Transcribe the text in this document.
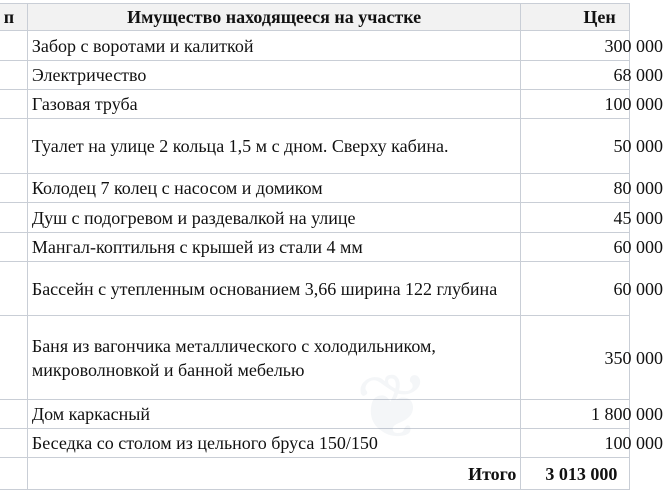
п	Имущество находящееся на участке	Цен
	Забор с воротами и калиткой	300 000
	Электричество	68 000
	Газовая труба	100 000
	Туалет на улице 2 кольца 1,5 м с дном. Сверху кабина.	50 000
	Колодец 7 колец с насосом и домиком	80 000
	Душ с подогревом и раздевалкой на улице	45 000
	Мангал-коптильня с крышей из стали 4 мм	60 000
	Бассейн с утепленным основанием 3,66 ширина 122 глубина	60 000
	Баня из вагончика металлического с холодильником, микроволновкой и банной мебелью	350 000
	Дом каркасный	1 800 000
	Беседка со столом из цельного бруса 150/150	100 000
	Итого	3 013 000
❦
